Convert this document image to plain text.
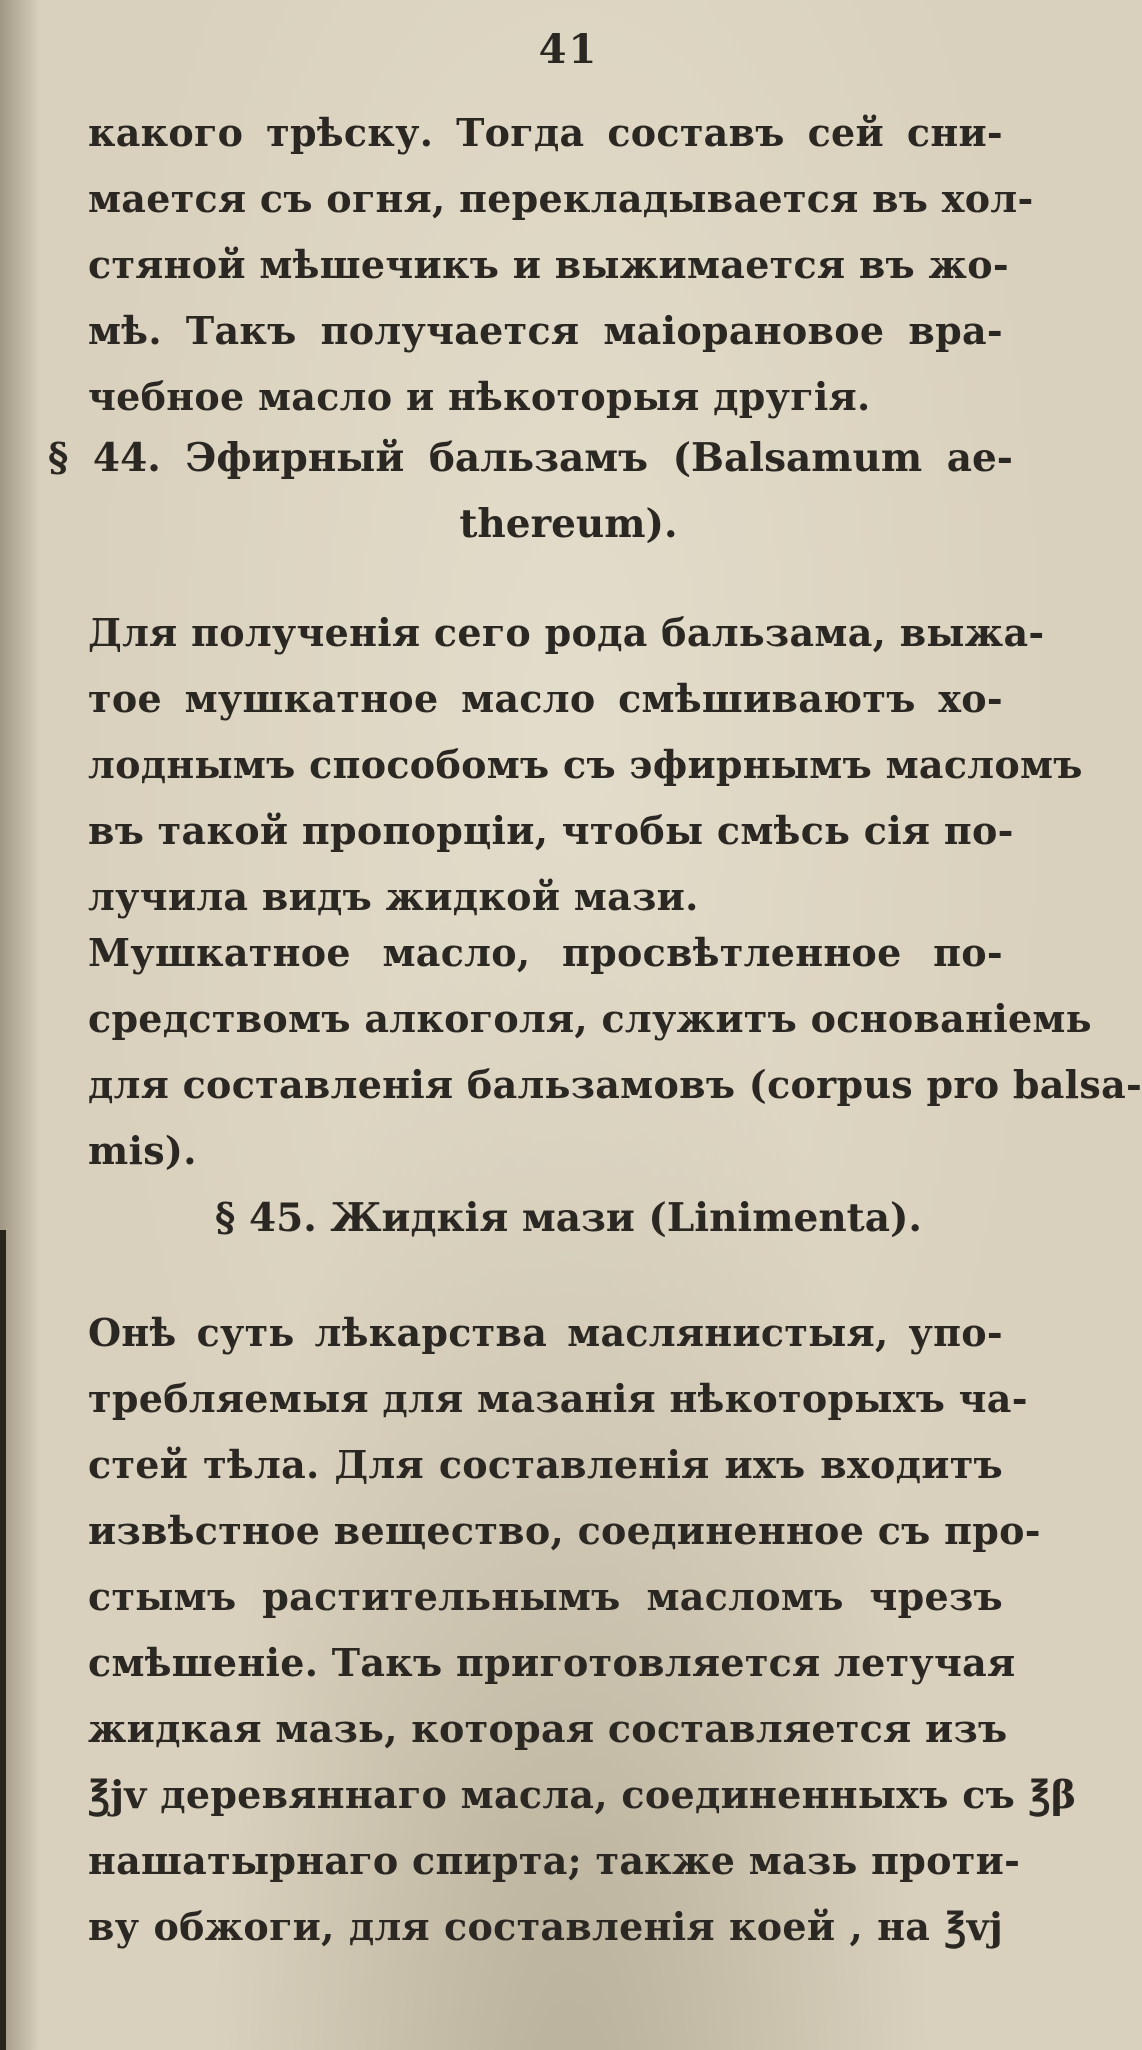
41
какого трѣску. Тогда составъ сей сни-
мается съ огня, перекладывается въ хол-
стяной мѣшечикъ и выжимается въ жо-
мѣ. Такъ получается маіорановое вра-
чебное масло и нѣкоторыя другія.
§ 44. Эфирный бальзамъ (Balsamum ae-
thereum).
Для полученія сего рода бальзама, выжа-
тое мушкатное масло смѣшиваютъ хо-
лоднымъ способомъ съ эфирнымъ масломъ
въ такой пропорціи, чтобы смѣсь сія по-
лучила видъ жидкой мази.
Мушкатное масло, просвѣтленное по-
средствомъ алкоголя, служитъ основаніемь
для составленія бальзамовъ (corpus pro balsa-
mis).
§ 45. Жидкія мази (Linimenta).
Онѣ суть лѣкарства маслянистыя, упо-
требляемыя для мазанія нѣкоторыхъ ча-
стей тѣла. Для составленія ихъ входитъ
извѣстное вещество, соединенное съ про-
стымъ растительнымъ масломъ чрезъ
смѣшеніе. Такъ приготовляется летучая
жидкая мазь, которая составляется изъ
℥jv деревяннаго масла, соединенныхъ съ ℥β
нашатырнаго спирта; также мазь проти-
ву обжоги, для составленія коей , на ℥vj
